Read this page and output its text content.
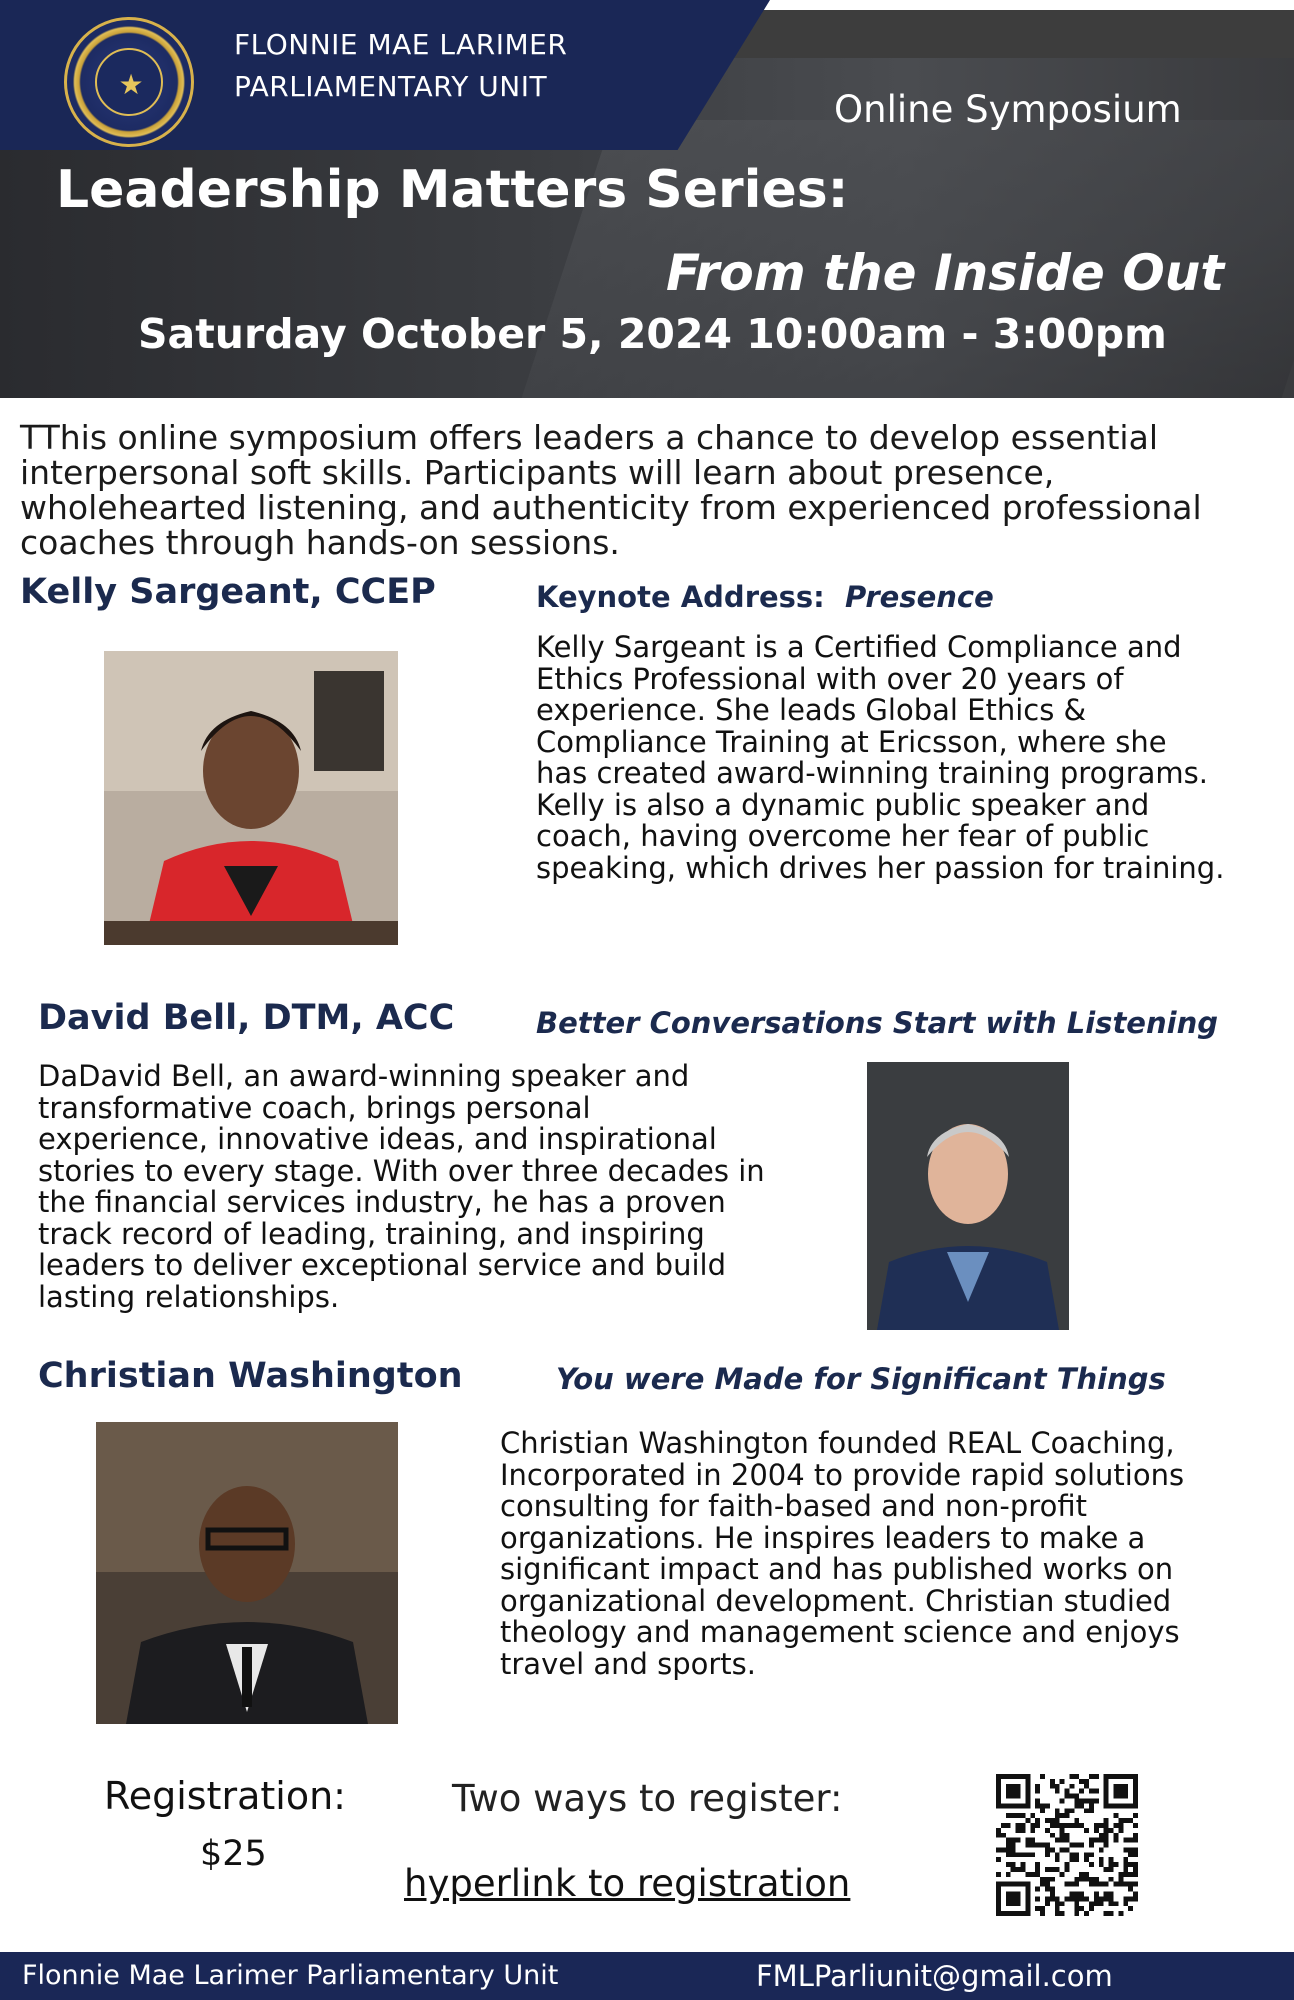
★
FLONNIE MAE LARIMER
PARLIAMENTARY UNIT
Online Symposium
Leadership Matters Series:
From the Inside Out
Saturday October 5, 2024 10:00am - 3:00pm

TThis online symposium offers leaders a chance to develop essential interpersonal soft skills. Participants will learn about presence, wholehearted listening, and authenticity from experienced professional coaches through hands-on sessions.

Kelly Sargeant, CCEP	Keynote Address: Presence

Kelly Sargeant is a Certified Compliance and Ethics Professional with over 20 years of experience. She leads Global Ethics & Compliance Training at Ericsson, where she has created award-winning training programs. Kelly is also a dynamic public speaker and coach, having overcome her fear of public speaking, which drives her passion for training.

David Bell, DTM, ACC	Better Conversations Start with Listening

DaDavid Bell, an award-winning speaker and transformative coach, brings personal experience, innovative ideas, and inspirational stories to every stage. With over three decades in the financial services industry, he has a proven track record of leading, training, and inspiring leaders to deliver exceptional service and build lasting relationships.

Christian Washington	You were Made for Significant Things

Christian Washington founded REAL Coaching, Incorporated in 2004 to provide rapid solutions consulting for faith-based and non-profit organizations. He inspires leaders to make a significant impact and has published works on organizational development. Christian studied theology and management science and enjoys travel and sports.

Registration:
$25
Two ways to register:
hyperlink to registration
Flonnie Mae Larimer Parliamentary Unit	FMLParliunit@gmail.com
